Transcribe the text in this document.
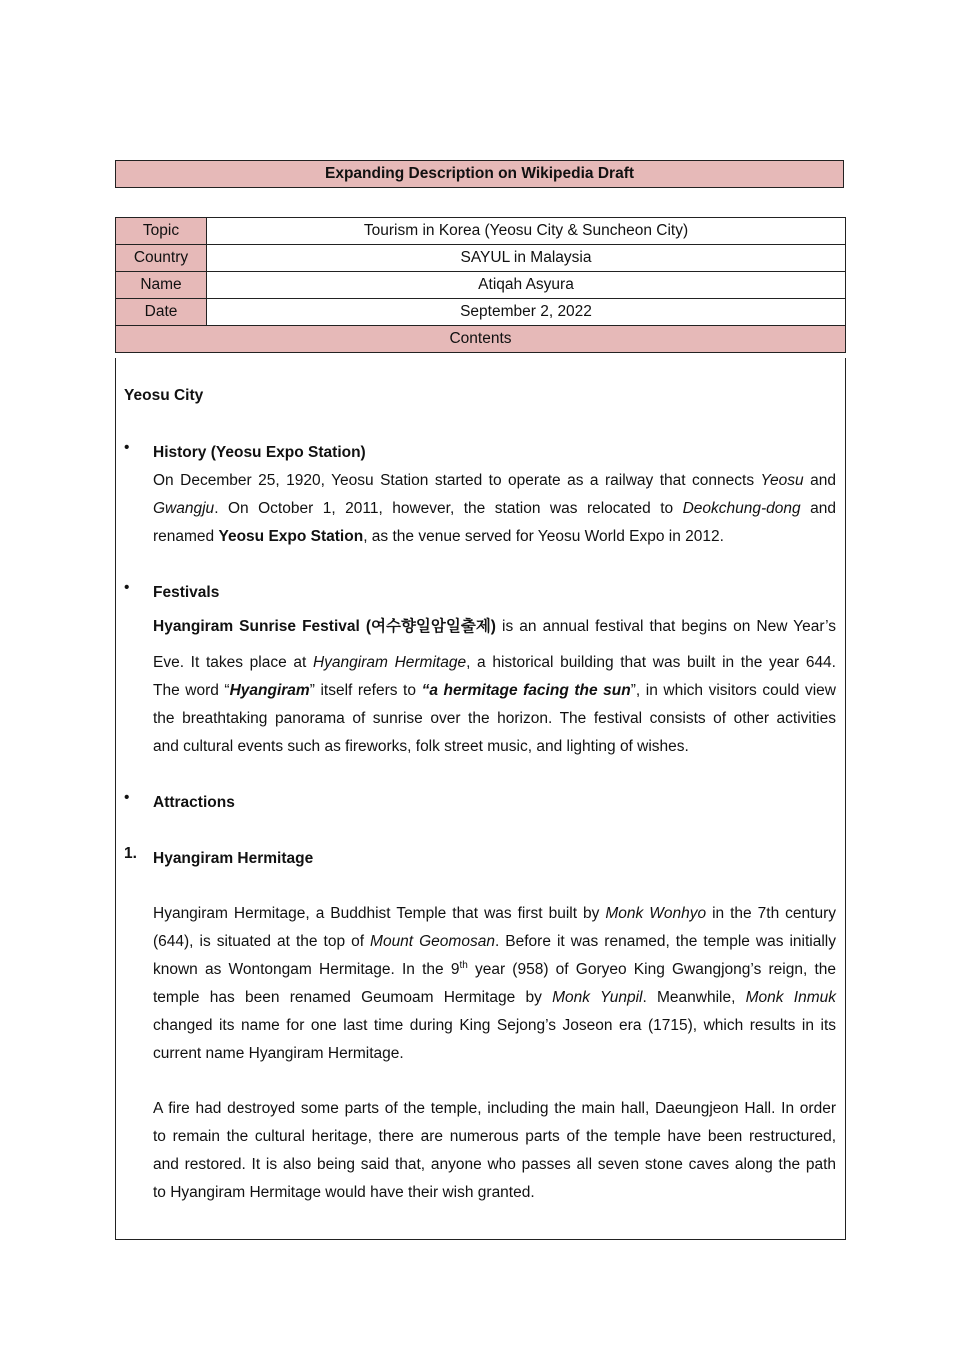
Expanding Description on Wikipedia Draft
Topic	Tourism in Korea (Yeosu City & Suncheon City)
Country	SAYUL in Malaysia
Name	Atiqah Asyura
Date	September 2, 2022
Contents	
Yeosu City
• History (Yeosu Expo Station)
On December 25, 1920, Yeosu Station started to operate as a railway that connects Yeosu and
Gwangju. On October 1, 2011, however, the station was relocated to Deokchung-dong and
renamed Yeosu Expo Station, as the venue served for Yeosu World Expo in 2012.
• Festivals
Hyangiram Sunrise Festival (여수향일암일출제) is an annual festival that begins on New Year’s
Eve. It takes place at Hyangiram Hermitage, a historical building that was built in the year 644.
The word “Hyangiram” itself refers to “a hermitage facing the sun”, in which visitors could view
the breathtaking panorama of sunrise over the horizon. The festival consists of other activities
and cultural events such as fireworks, folk street music, and lighting of wishes.
• Attractions
1. Hyangiram Hermitage
Hyangiram Hermitage, a Buddhist Temple that was first built by Monk Wonhyo in the 7th century
(644), is situated at the top of Mount Geomosan. Before it was renamed, the temple was initially
known as Wontongam Hermitage. In the 9th year (958) of Goryeo King Gwangjong’s reign, the
temple has been renamed Geumoam Hermitage by Monk Yunpil. Meanwhile, Monk Inmuk
changed its name for one last time during King Sejong’s Joseon era (1715), which results in its
current name Hyangiram Hermitage.
A fire had destroyed some parts of the temple, including the main hall, Daeungjeon Hall. In order
to remain the cultural heritage, there are numerous parts of the temple have been restructured,
and restored. It is also being said that, anyone who passes all seven stone caves along the path
to Hyangiram Hermitage would have their wish granted.
